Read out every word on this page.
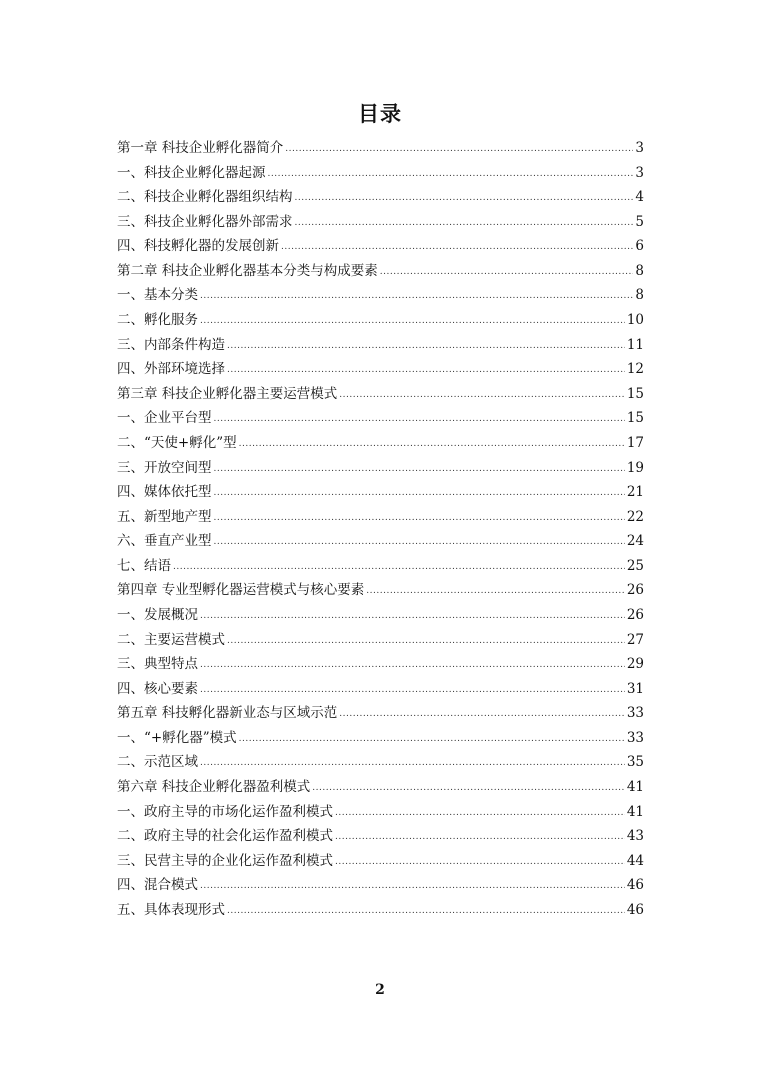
目录
第一章 科技企业孵化器简介 .....	3
一、科技企业孵化器起源 .....	3
二、科技企业孵化器组织结构 .....	4
三、科技企业孵化器外部需求 .....	5
四、科技孵化器的发展创新 .....	6
第二章 科技企业孵化器基本分类与构成要素 .....	8
一、基本分类 .....	8
二、孵化服务 .....	10
三、内部条件构造 .....	11
四、外部环境选择 .....	12
第三章 科技企业孵化器主要运营模式 .....	15
一、企业平台型 .....	15
二、“天使+孵化”型 .....	17
三、开放空间型 .....	19
四、媒体依托型 .....	21
五、新型地产型 .....	22
六、垂直产业型 .....	24
七、结语 .....	25
第四章 专业型孵化器运营模式与核心要素 .....	26
一、发展概况 .....	26
二、主要运营模式 .....	27
三、典型特点 .....	29
四、核心要素 .....	31
第五章 科技孵化器新业态与区域示范 .....	33
一、“+孵化器”模式 .....	33
二、示范区域 .....	35
第六章 科技企业孵化器盈利模式 .....	41
一、政府主导的市场化运作盈利模式 .....	41
二、政府主导的社会化运作盈利模式 .....	43
三、民营主导的企业化运作盈利模式 .....	44
四、混合模式 .....	46
五、具体表现形式 .....	46
2
